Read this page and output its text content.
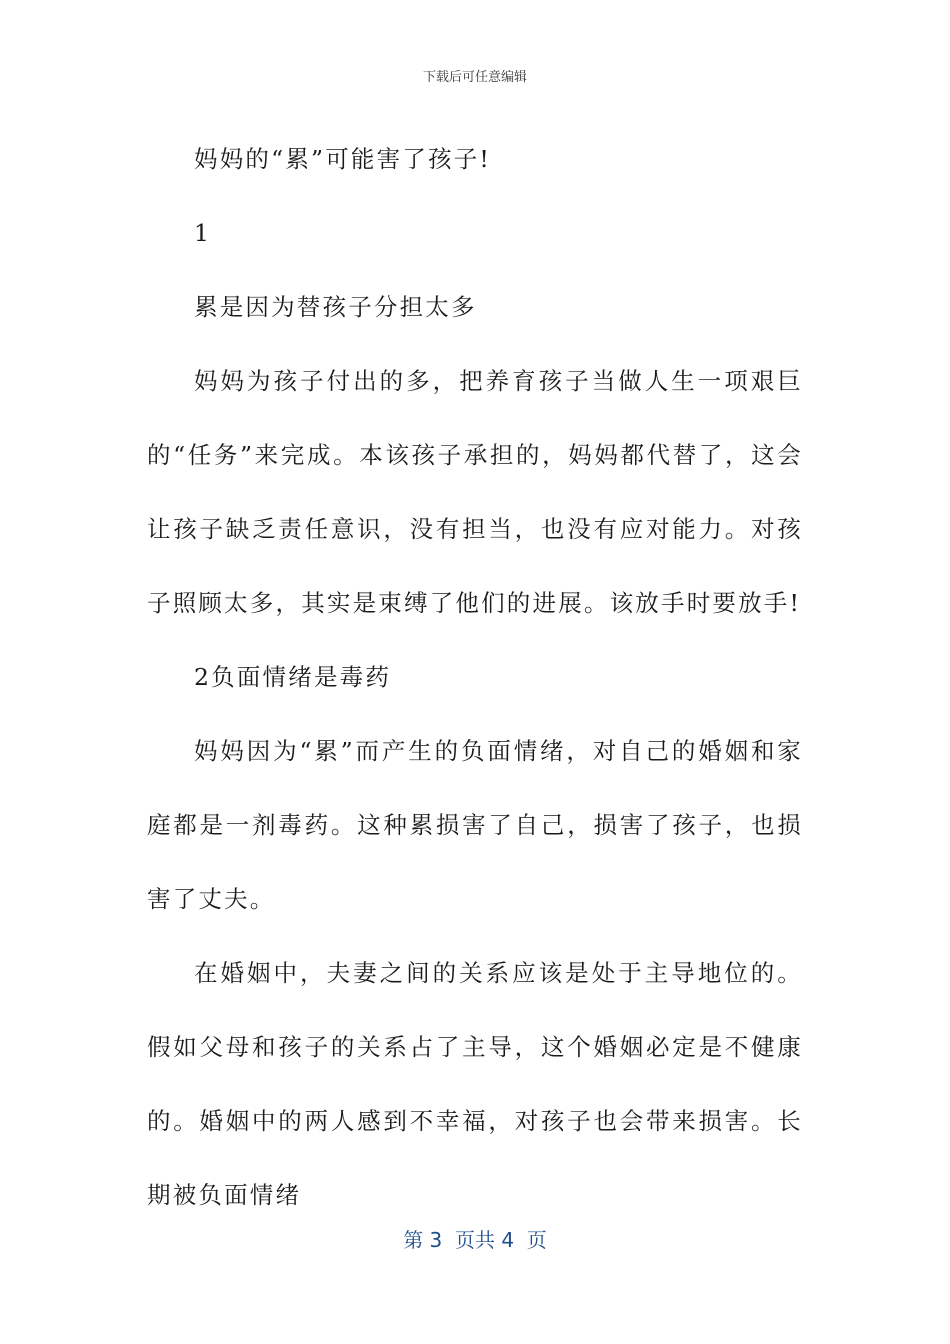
下载后可任意编辑

妈妈的“累”可能害了孩子!

1

累是因为替孩子分担太多

妈妈为孩子付出的多，把养育孩子当做人生一项艰巨的“任务”来完成。本该孩子承担的，妈妈都代替了，这会让孩子缺乏责任意识，没有担当，也没有应对能力。对孩子照顾太多，其实是束缚了他们的进展。该放手时要放手!

2负面情绪是毒药

妈妈因为“累”而产生的负面情绪，对自己的婚姻和家庭都是一剂毒药。这种累损害了自己，损害了孩子，也损害了丈夫。

在婚姻中，夫妻之间的关系应该是处于主导地位的。假如父母和孩子的关系占了主导，这个婚姻必定是不健康的。婚姻中的两人感到不幸福，对孩子也会带来损害。长期被负面情绪

第 3  页共 4  页
